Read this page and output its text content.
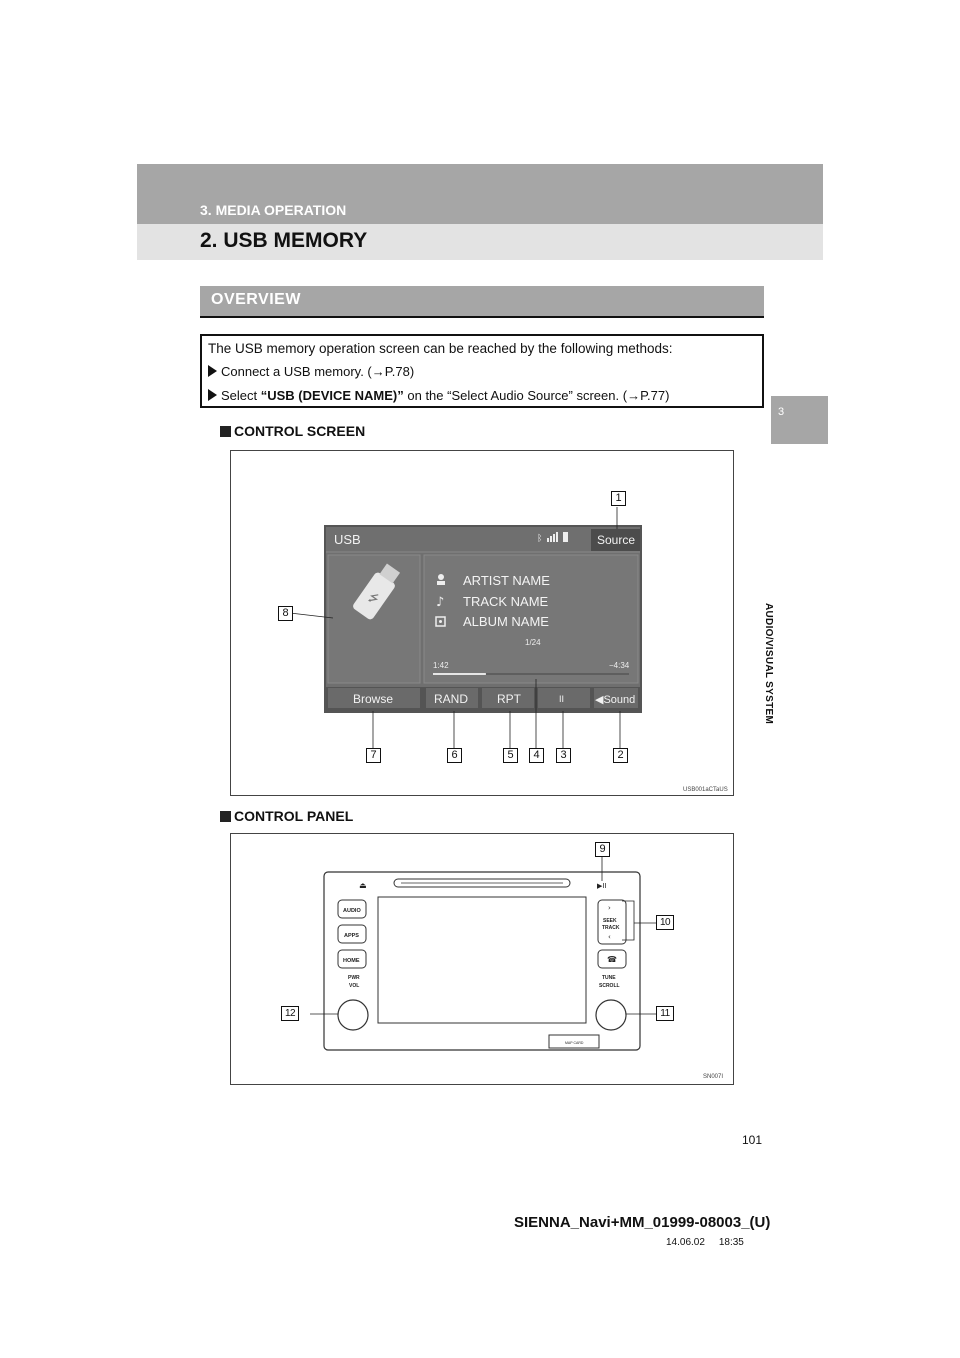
3. MEDIA OPERATION
2. USB MEMORY
3
AUDIO/VISUAL SYSTEM
OVERVIEW
The USB memory operation screen can be reached by the following methods:
Connect a USB memory. (→P.78)
Select “USB (DEVICE NAME)” on the “Select Audio Source” screen. (→P.77)
CONTROL SCREEN
USB	ᛒ	Source
⭍
ARTIST NAME
♪ TRACK NAME
ALBUM NAME
1/24
1:42	−4:34
Browse	RAND RPT	II	◀Sound
1
2
3
4
5
6
7
8
USB001aCTaUS
CONTROL PANEL
⏏	▶II
AUDIO
APPS
HOME
PWR
VOL
›
SEEK
TRACK
‹
☎
TUNE
SCROLL
MAP CARD
9
10
11
12
SN007I
101
SIENNA_Navi+MM_01999-08003_(U)
14.06.02     18:35
